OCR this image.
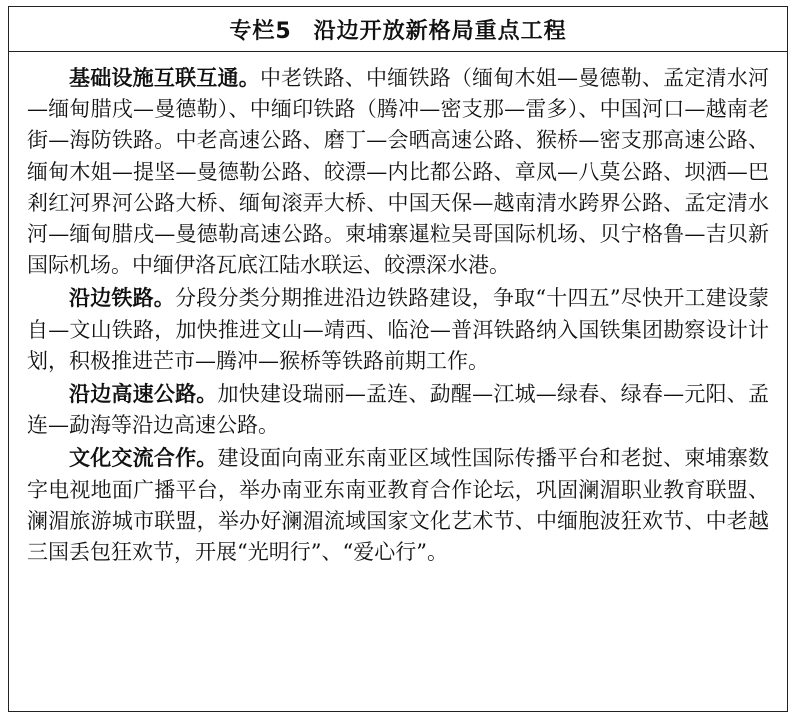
专栏5 沿边开放新格局重点工程

基础设施互联互通。中老铁路、中缅铁路（缅甸木姐—曼德勒、孟定清水河—缅甸腊戌—曼德勒）、中缅印铁路（腾冲—密支那—雷多）、中国河口—越南老街—海防铁路。中老高速公路、磨丁—会晒高速公路、猴桥—密支那高速公路、缅甸木姐—提坚—曼德勒公路、皎漂—内比都公路、章凤—八莫公路、坝洒—巴剎红河界河公路大桥、缅甸滚弄大桥、中国天保—越南清水跨界公路、孟定清水河—缅甸腊戌—曼德勒高速公路。柬埔寨暹粒吴哥国际机场、贝宁格鲁—吉贝新国际机场。中缅伊洛瓦底江陆水联运、皎漂深水港。

沿边铁路。分段分类分期推进沿边铁路建设，争取“十四五”尽快开工建设蒙自—文山铁路，加快推进文山—靖西、临沧—普洱铁路纳入国铁集团勘察设计计划，积极推进芒市—腾冲—猴桥等铁路前期工作。

沿边高速公路。加快建设瑞丽—孟连、勐醒—江城—绿春、绿春—元阳、孟连—勐海等沿边高速公路。

文化交流合作。建设面向南亚东南亚区域性国际传播平台和老挝、柬埔寨数字电视地面广播平台，举办南亚东南亚教育合作论坛，巩固澜湄职业教育联盟、澜湄旅游城市联盟，举办好澜湄流域国家文化艺术节、中缅胞波狂欢节、中老越三国丢包狂欢节，开展“光明行”、“爱心行”。
